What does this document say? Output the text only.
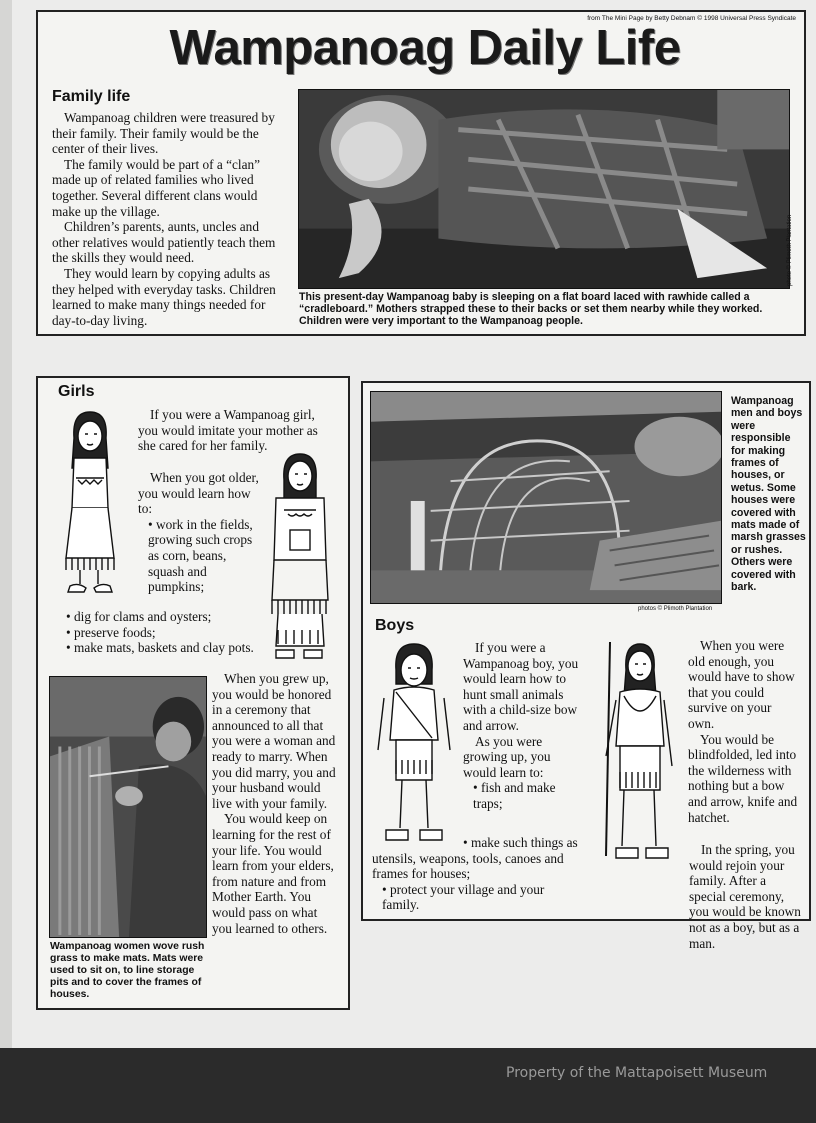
from The Mini Page by Betty Debnam © 1998 Universal Press Syndicate
Wampanoag Daily Life
Family life

Wampanoag children were treasured by their family. Their family would be the center of their lives.

The family would be part of a “clan” made up of related families who lived together. Several different clans would make up the village.

Children’s parents, aunts, uncles and other relatives would patiently teach them the skills they would need.

They would learn by copying adults as they helped with everyday tasks. Children learned to make many things needed for day-to-day living.

photo © Plimoth Plantation
This present-day Wampanoag baby is sleeping on a flat board laced with rawhide called a “cradleboard.” Mothers strapped these to their backs or set them nearby while they worked. Children were very important to the Wampanoag people.
Girls

If you were a Wampanoag girl, you would imitate your mother as she cared for her family.

When you got older, you would learn how to:

• work in the fields, growing such crops as corn, beans, squash and pumpkins;

• dig for clams and oysters;

• preserve foods;

• make mats, baskets and clay pots.

Wampanoag women wove rush grass to make mats. Mats were used to sit on, to line storage pits and to cover the frames of houses.

When you grew up, you would be honored in a ceremony that announced to all that you were a woman and ready to marry. When you did marry, you and your husband would live with your family.

You would keep on learning for the rest of your life. You would learn from your elders, from nature and from Mother Earth. You would pass on what you learned to others.

Wampanoag men and boys were responsible for making frames of houses, or wetus. Some houses were covered with mats made of marsh grasses or rushes. Others were covered with bark.
photos © Plimoth Plantation
Boys

If you were a Wampanoag boy, you would learn how to hunt small animals with a child-size bow and arrow.

As you were growing up, you would learn to:

• fish and make traps;

• make such things as utensils, weapons, tools, canoes and frames for houses;

• protect your village and your family.

When you were old enough, you would have to show that you could survive on your own.

You would be blindfolded, led into the wilderness with nothing but a bow and arrow, knife and hatchet.

In the spring, you would rejoin your family. After a special ceremony, you would be known not as a boy, but as a man.

Property of the Mattapoisett Museum
